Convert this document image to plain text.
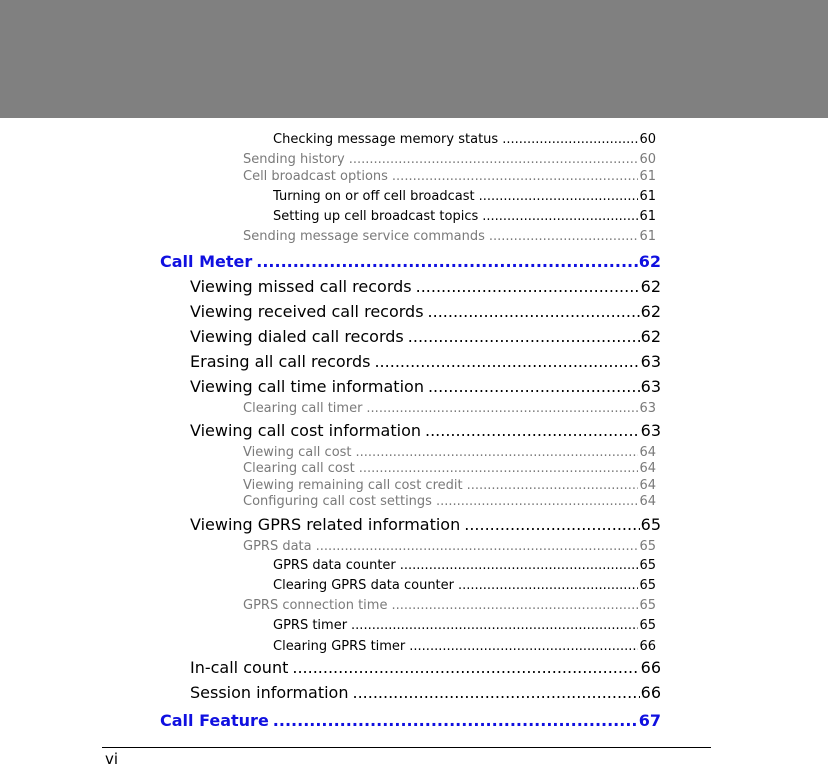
Checking message memory status .....	60
Sending history .....	60
Cell broadcast options .....	61
Turning on or off cell broadcast .....	61
Setting up cell broadcast topics .....	61
Sending message service commands .....	61
Call Meter .....	62
Viewing missed call records .....	62
Viewing received call records .....	62
Viewing dialed call records .....	62
Erasing all call records .....	63
Viewing call time information .....	63
Clearing call timer .....	63
Viewing call cost information .....	63
Viewing call cost .....	64
Clearing call cost .....	64
Viewing remaining call cost credit .....	64
Configuring call cost settings .....	64
Viewing GPRS related information .....	65
GPRS data .....	65
GPRS data counter .....	65
Clearing GPRS data counter .....	65
GPRS connection time .....	65
GPRS timer .....	65
Clearing GPRS timer .....	66
In-call count .....	66
Session information .....	66
Call Feature .....	67
vi
